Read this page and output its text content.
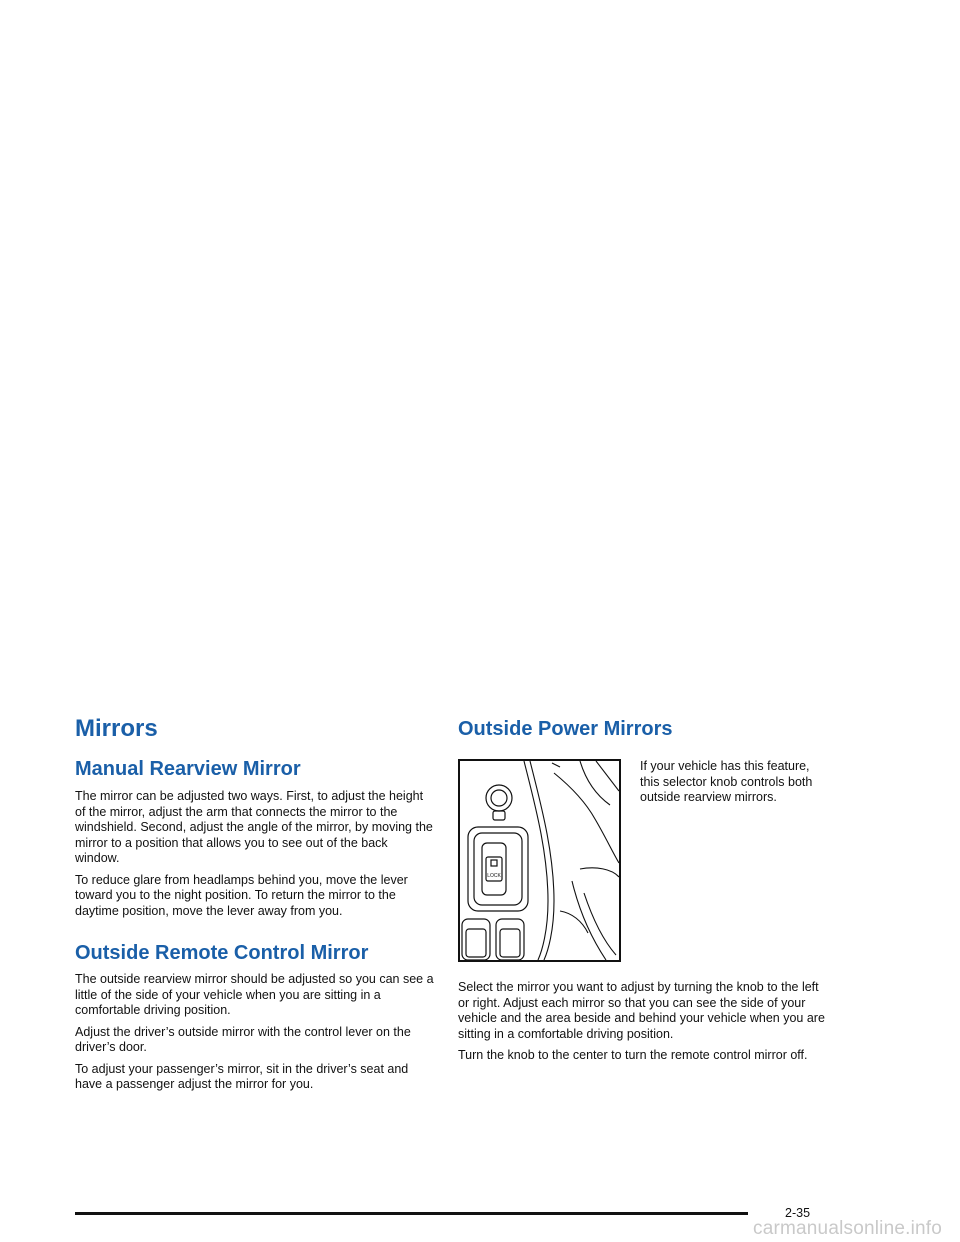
Mirrors
Manual Rearview Mirror

The mirror can be adjusted two ways. First, to adjust the height of the mirror, adjust the arm that connects the mirror to the windshield. Second, adjust the angle of the mirror, by moving the mirror to a position that allows you to see out of the back window.

To reduce glare from headlamps behind you, move the lever toward you to the night position. To return the mirror to the daytime position, move the lever away from you.

Outside Remote Control Mirror

The outside rearview mirror should be adjusted so you can see a little of the side of your vehicle when you are sitting in a comfortable driving position.

Adjust the driver’s outside mirror with the control lever on the driver’s door.

To adjust your passenger’s mirror, sit in the driver’s seat and have a passenger adjust the mirror for you.

Outside Power Mirrors
LOCK

If your vehicle has this feature, this selector knob controls both outside rearview mirrors.

Select the mirror you want to adjust by turning the knob to the left or right. Adjust each mirror so that you can see the side of your vehicle and the area beside and behind your vehicle when you are sitting in a comfortable driving position.

Turn the knob to the center to turn the remote control mirror off.

2-35
carmanualsonline.info
